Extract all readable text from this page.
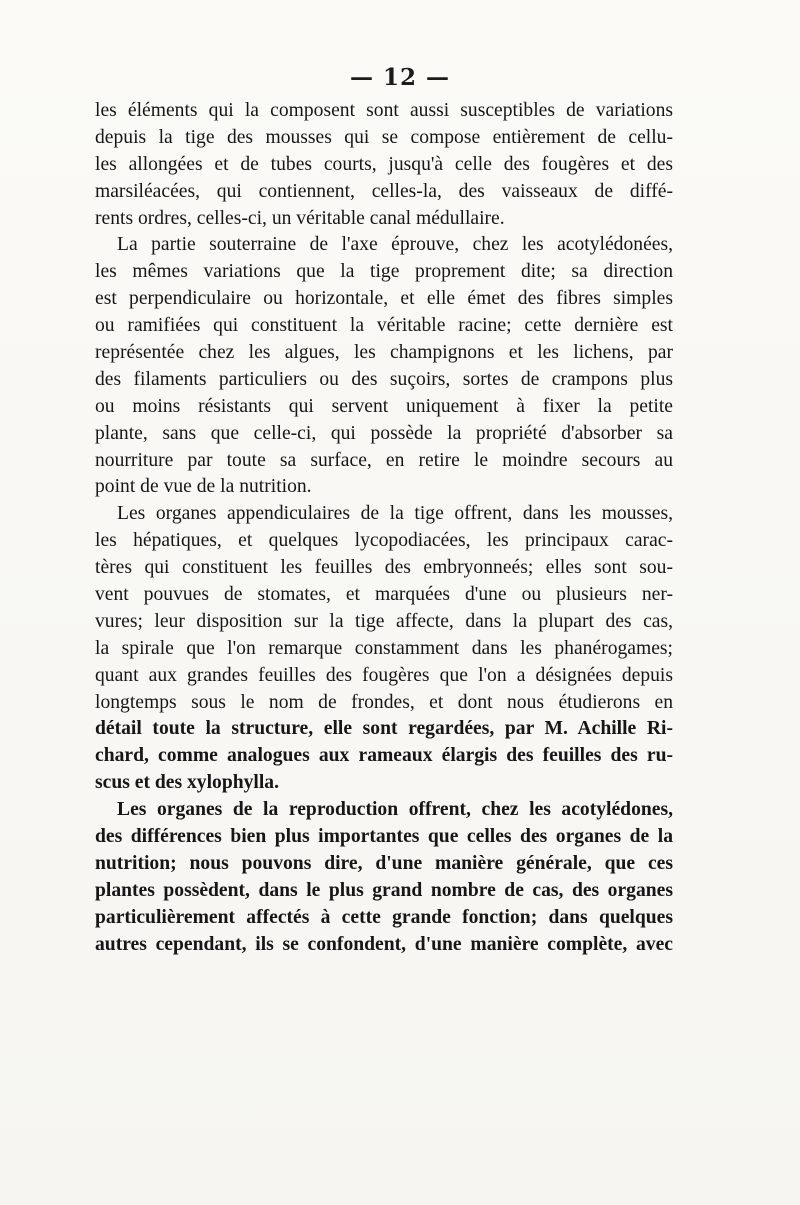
— 12 —
les éléments qui la composent sont aussi susceptibles de variations
depuis la tige des mousses qui se compose entièrement de cellu-
les allongées et de tubes courts, jusqu'à celle des fougères et des
marsiléacées, qui contiennent, celles-la, des vaisseaux de diffé-
rents ordres, celles-ci, un véritable canal médullaire.
La partie souterraine de l'axe éprouve, chez les acotylédonées,
les mêmes variations que la tige proprement dite; sa direction
est perpendiculaire ou horizontale, et elle émet des fibres simples
ou ramifiées qui constituent la véritable racine; cette dernière est
représentée chez les algues, les champignons et les lichens, par
des filaments particuliers ou des suçoirs, sortes de crampons plus
ou moins résistants qui servent uniquement à fixer la petite
plante, sans que celle-ci, qui possède la propriété d'absorber sa
nourriture par toute sa surface, en retire le moindre secours au
point de vue de la nutrition.
Les organes appendiculaires de la tige offrent, dans les mousses,
les hépatiques, et quelques lycopodiacées, les principaux carac-
tères qui constituent les feuilles des embryonneés; elles sont sou-
vent pouvues de stomates, et marquées d'une ou plusieurs ner-
vures; leur disposition sur la tige affecte, dans la plupart des cas,
la spirale que l'on remarque constamment dans les phanérogames;
quant aux grandes feuilles des fougères que l'on a désignées depuis
longtemps sous le nom de frondes, et dont nous étudierons en
détail toute la structure, elle sont regardées, par M. Achille Ri-
chard, comme analogues aux rameaux élargis des feuilles des ru-
scus et des xylophylla.
Les organes de la reproduction offrent, chez les acotylédones,
des différences bien plus importantes que celles des organes de la
nutrition; nous pouvons dire, d'une manière générale, que ces
plantes possèdent, dans le plus grand nombre de cas, des organes
particulièrement affectés à cette grande fonction; dans quelques
autres cependant, ils se confondent, d'une manière complète, avec
